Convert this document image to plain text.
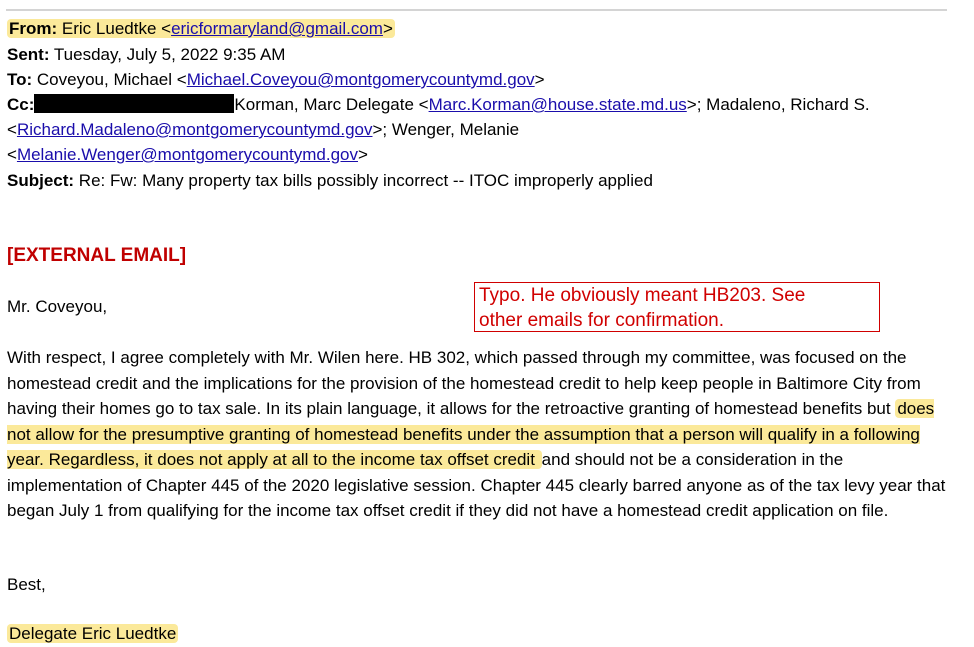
From: Eric Luedtke <ericformaryland@gmail.com>
Sent: Tuesday, July 5, 2022 9:35 AM
To: Coveyou, Michael <Michael.Coveyou@montgomerycountymd.gov>
Cc:	Korman, Marc Delegate <Marc.Korman@house.state.md.us>; Madaleno, Richard S.
<Richard.Madaleno@montgomerycountymd.gov>; Wenger, Melanie
<Melanie.Wenger@montgomerycountymd.gov>
Subject: Re: Fw: Many property tax bills possibly incorrect -- ITOC improperly applied
[EXTERNAL EMAIL]
Typo. He obviously meant HB203. See
other emails for confirmation.
Mr. Coveyou,
With respect, I agree completely with Mr. Wilen here. HB 302, which passed through my committee, was focused on the homestead credit and the implications for the provision of the homestead credit to help keep people in Baltimore City from having their homes go to tax sale. In its plain language, it allows for the retroactive granting of homestead benefits but does not allow for the presumptive granting of homestead benefits under the assumption that a person will qualify in a following year. Regardless, it does not apply at all to the income tax offset credit and should not be a consideration in the implementation of Chapter 445 of the 2020 legislative session. Chapter 445 clearly barred anyone as of the tax levy year that began July 1 from qualifying for the income tax offset credit if they did not have a homestead credit application on file.
Best,
Delegate Eric Luedtke
